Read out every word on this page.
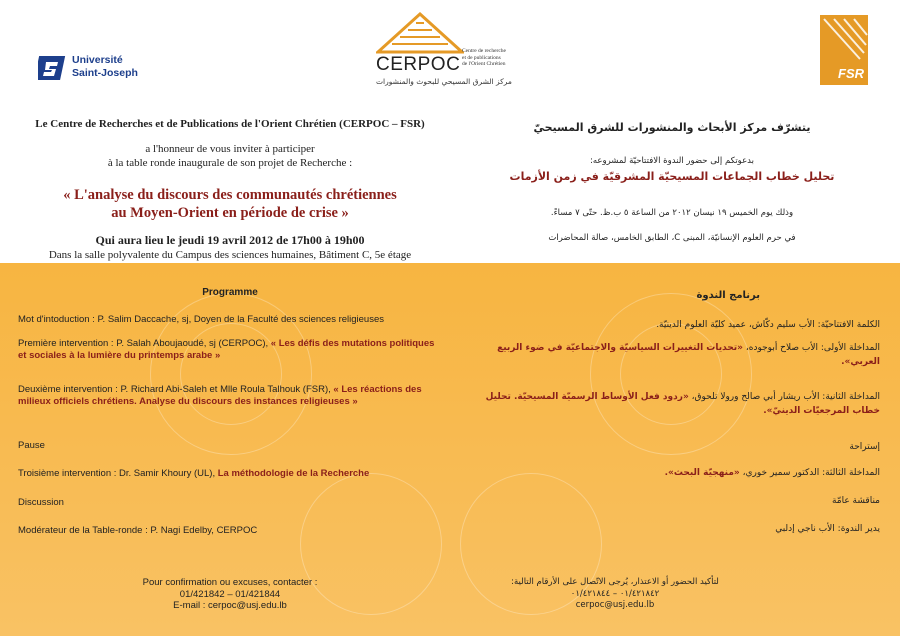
Université
Saint-Joseph	CERPOC
Centre de recherche
et de publications
de l'Orient Chrétien
مركز الشرق المسيحي للبحوث والمنشورات
FSR
Le Centre de Recherches et de Publications de l'Orient Chrétien (CERPOC – FSR)
a l'honneur de vous inviter à participer
à la table ronde inaugurale de son projet de Recherche :
« L'analyse du discours des communautés chrétiennes
au Moyen-Orient en période de crise »
Qui aura lieu le jeudi 19 avril 2012 de 17h00 à 19h00
Dans la salle polyvalente du Campus des sciences humaines, Bâtiment C, 5e étage
يتشرّف مركز الأبحاث والمنشورات للشرق المسيحيّ
بدعوتكم إلى حضور الندوة الافتتاحيّة لمشروعه:
تحليل خطاب الجماعات المسيحيّة المشرقيّة في زمن الأزمات
وذلك يوم الخميس ١٩ نيسان ٢٠١٢ من الساعة ٥ ب.ظ. حتّى ٧ مساءً.
في حرم العلوم الإنسانيّة، المبنى C، الطابق الخامس، صالة المحاضرات
Programme
Mot d'intoduction : P. Salim Daccache, sj, Doyen de la Faculté des sciences religieuses
Première intervention : P. Salah Aboujaoudé, sj (CERPOC), « Les défis des mutations politiques et sociales à la lumière du printemps arabe »
Deuxième intervention : P. Richard Abi-Saleh et Mlle Roula Talhouk (FSR), « Les réactions des milieux officiels chrétiens. Analyse du discours des instances religieuses »
Pause
Troisième intervention : Dr. Samir Khoury (UL), La méthodologie de la Recherche
Discussion
Modérateur de la Table-ronde : P. Nagi Edelby, CERPOC
Pour confirmation ou excuses, contacter :
01/421842 – 01/421844
E-mail : cerpoc@usj.edu.lb
برنامج الندوة
الكلمة الافتتاحيّة: الأب سليم دكّاش، عميد كليّة العلوم الدينيّة.
المداخلة الأولى: الأب صلاح أبوجوده، «تحديات التغييرات السياسيّة والاجتماعيّة في ضوء الربيع العربي».
المداخلة الثانية: الأب ريشار أبي صالح ورولا تلحوق، «ردود فعل الأوساط الرسميّة المسيحيّة. تحليل خطاب المرجعيّات الدينيّ».
إستراحة
المداخلة الثالثة: الدكتور سمير خوري، «منهجيّة البحث».
مناقشة عامّة
يدير الندوة: الأب ناجي إدلبي
لتأكيد الحضور أو الاعتذار، يُرجى الاتّصال على الأرقام التالية:
٠١/٤٢١٨٤٢ – ٠١/٤٢١٨٤٤
cerpoc@usj.edu.lb
